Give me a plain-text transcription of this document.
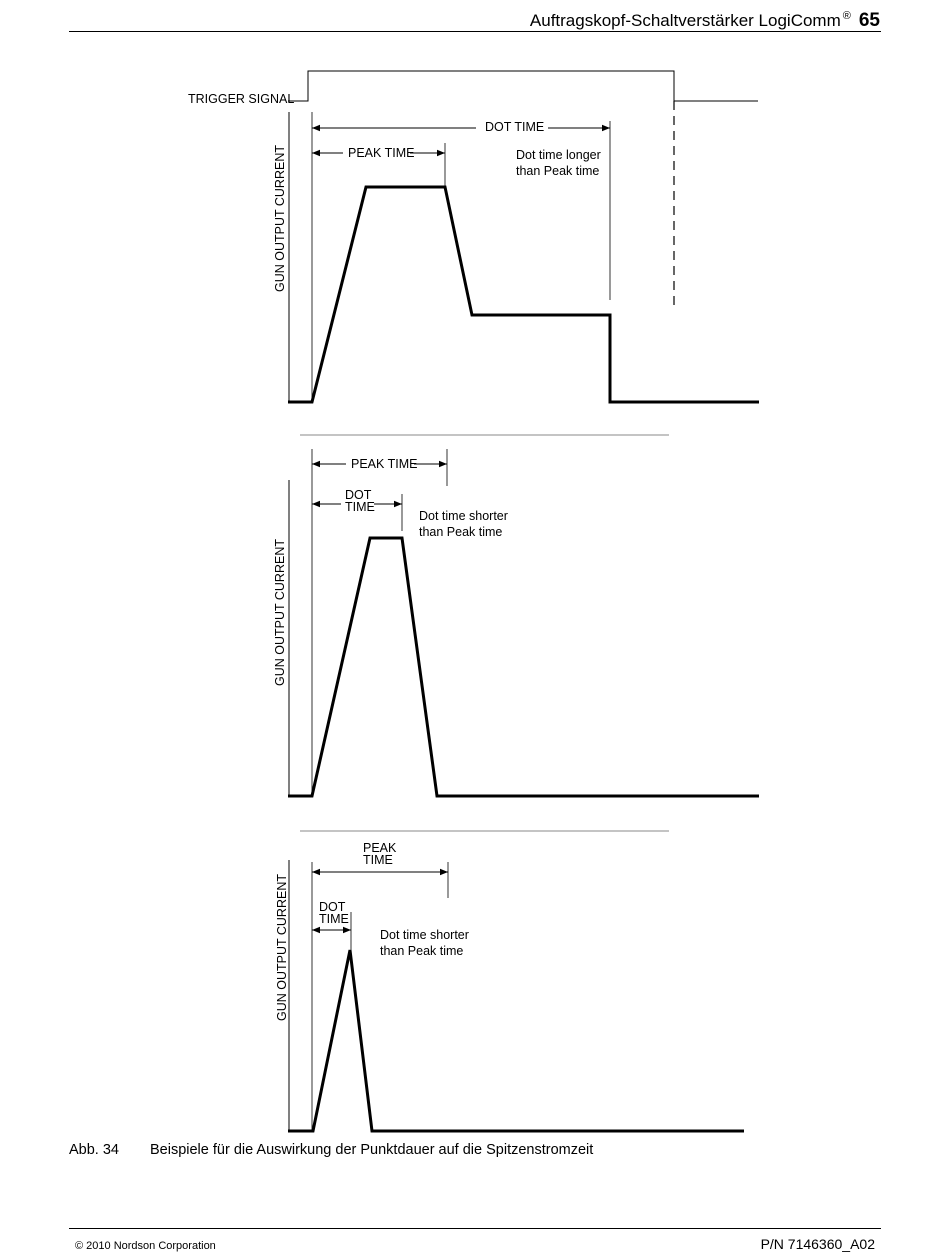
Auftragskopf-Schaltverstärker LogiComm ® 65
TRIGGER SIGNAL
GUN OUTPUT CURRENT
DOT TIME
PEAK TIME	Dot time longer
than Peak time
GUN OUTPUT CURRENT
PEAK TIME
DOT
TIME
Dot time shorter
than Peak time
GUN OUTPUT CURRENT
PEAK
TIME
DOT
TIME
Dot time shorter
than Peak time
Abb. 34 Beispiele für die Auswirkung der Punktdauer auf die Spitzenstromzeit
© 2010 Nordson Corporation	P/N 7146360_A02
